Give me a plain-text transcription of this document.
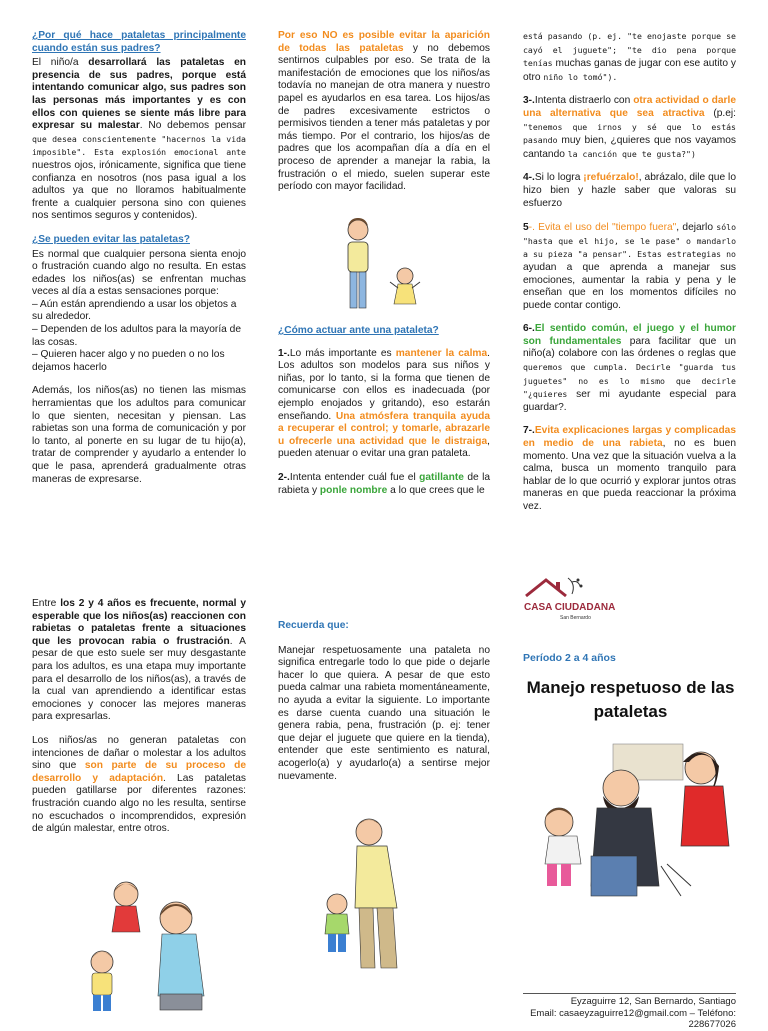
¿Por qué hace pataletas principalmente cuando están sus padres?

El niño/a desarrollará las pataletas en presencia de sus padres, porque está intentando comunicar algo, sus padres son las personas más importantes y es con ellos con quienes se siente más libre para expresar su malestar. No debemos pensar que desea conscientemente "hacernos la vida imposible". Esta explosión emocional ante nuestros ojos, irónicamente, significa que tiene confianza en nosotros (nos pasa igual a los adultos ya que no lloramos habitualmente frente a cualquier persona sino con quienes nos sentimos seguros y contenidos).

¿Se pueden evitar las pataletas?

Es normal que cualquier persona sienta enojo o frustración cuando algo no resulta. En estas edades los niños(as) se enfrentan muchas veces al día a estas sensaciones porque:

– Aún están aprendiendo a usar los objetos a su alrededor.

– Dependen de los adultos para la mayoría de las cosas.

– Quieren hacer algo y no pueden o no los dejamos hacerlo

Además, los niños(as) no tienen las mismas herramientas que los adultos para comunicar lo que sienten, necesitan y piensan. Las rabietas son una forma de comunicación y por lo tanto, al ponerte en su lugar de tu hijo(a), tratar de comprender y ayudarlo a entender lo que le pasa, aprenderá gradualmente otras maneras de expresarse.

Por eso NO es posible evitar la aparición de todas las pataletas y no debemos sentirnos culpables por eso. Se trata de la manifestación de emociones que los niños/as todavía no manejan de otra manera y nuestro papel es ayudarlos en esa tarea. Los hijos/as de padres excesivamente estrictos o permisivos tienden a tener más pataletas y por más tiempo. Por el contrario, los hijos/as de padres que los acompañan día a día en el proceso de aprender a manejar la rabia, la frustración o el miedo, suelen superar este período con mayor facilidad.

¿Cómo actuar ante una pataleta?

1-.Lo más importante es mantener la calma. Los adultos son modelos para sus niños y niñas, por lo tanto, si la forma que tienen de comunicarse con ellos es inadecuada (por ejemplo enojados y gritando), eso estarán enseñando. Una atmósfera tranquila ayuda a recuperar el control; y tomarle, abrazarle u ofrecerle una actividad que le distraiga, pueden atenuar o evitar una gran pataleta.

2-.Intenta entender cuál fue el gatillante de la rabieta y ponle nombre a lo que crees que le

está pasando (p. ej. "te enojaste porque se cayó el juguete"; "te dio pena porque tenías muchas ganas de jugar con ese autito y otro niño lo tomó").

3-.Intenta distraerlo con otra actividad o darle una alternativa que sea atractiva (p.ej: "tenemos que irnos y sé que lo estás pasando muy bien, ¿quieres que nos vayamos cantando la canción que te gusta?")

4-.Si lo logra ¡refuérzalo!, abrázalo, dile que lo hizo bien y hazle saber que valoras su esfuerzo

5-. Evita el uso del "tiempo fuera", dejarlo sólo "hasta que el hijo, se le pase" o mandarlo a su pieza "a pensar". Estas estrategias no ayudan a que aprenda a manejar sus emociones, aumentar la rabia y pena y le enseñan que en los momentos difíciles no puede contar contigo.

6-.El sentido común, el juego y el humor son fundamentales para facilitar que un niño(a) colabore con las órdenes o reglas que queremos que cumpla. Decirle "guarda tus juguetes" no es lo mismo que decirle "¿quieres ser mi ayudante especial para guardar?.

7-.Evita explicaciones largas y complicadas en medio de una rabieta, no es buen momento. Una vez que la situación vuelva a la calma, busca un momento tranquilo para hablar de lo que ocurrió y explorar juntos otras maneras en que pueda reaccionar la próxima vez.

Entre los 2 y 4 años es frecuente, normal y esperable que los niños(as) reaccionen con rabietas o pataletas frente a situaciones que les provocan rabia o frustración. A pesar de que esto suele ser muy desgastante para los adultos, es una etapa muy importante para el desarrollo de los niños(as), a través de la cual van aprendiendo a identificar estas emociones y conocer las mejores maneras para expresarlas.

Los niños/as no generan pataletas con intenciones de dañar o molestar a los adultos sino que son parte de su proceso de desarrollo y adaptación. Las pataletas pueden gatillarse por diferentes razones: frustración cuando algo no les resulta, sentirse no escuchados o incomprendidos, expresión de algún malestar, entre otros.

Recuerda que:

Manejar respetuosamente una pataleta no significa entregarle todo lo que pide o dejarle hacer lo que quiera. A pesar de que esto pueda calmar una rabieta momentáneamente, no ayuda a evitar la siguiente. Lo importante es darse cuenta cuando una situación le genera rabia, pena, frustración (p. ej: tener que dejar el juguete que quiere en la tienda), entender que este sentimiento es natural, acogerlo(a) y ayudarlo(a) a sentirse mejor nuevamente.

CASA CIUDADANA
San Bernardo
Período 2 a 4 años
Manejo respetuoso de las pataletas
Eyzaguirre 12, San Bernardo, Santiago
Email: casaeyzaguirre12@gmail.com – Teléfono:
228677026
